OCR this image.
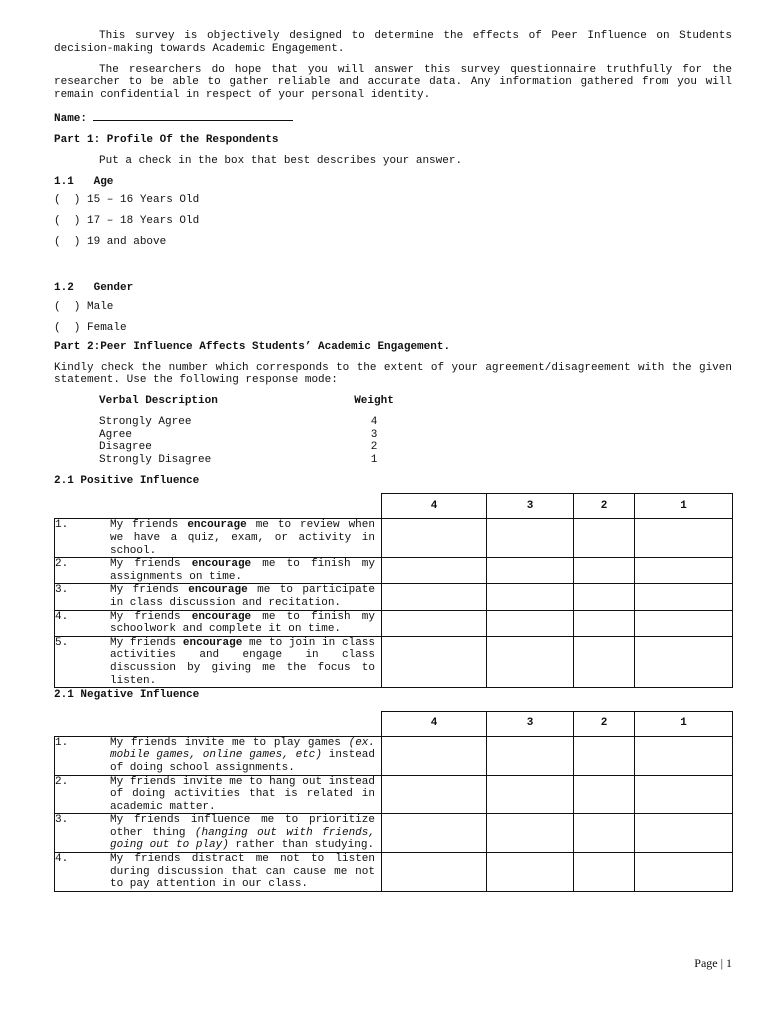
This survey is objectively designed to determine the effects of Peer Influence on Students decision-making towards Academic Engagement.

The researchers do hope that you will answer this survey questionnaire truthfully for the researcher to be able to gather reliable and accurate data. Any information gathered from you will remain confidential in respect of your personal identity.

Name:

Part 1: Profile Of the Respondents

Put a check in the box that best describes your answer.

1.1   Age

(  ) 15 – 16 Years Old

(  ) 17 – 18 Years Old

(  ) 19 and above

1.2   Gender

(  ) Male

(  ) Female

Part 2:Peer Influence Affects Students’ Academic Engagement.

Kindly check the number which corresponds to the extent of your agreement/disagreement with the given statement. Use the following response mode:

Verbal Description	Weight
Strongly Agree	4
Agree	3
Disagree	2
Strongly Disagree	1

2.1 Positive Influence

	4	3	2	1

1. My friends encourage me to review when we have a quiz, exam, or activity in school.				

2. My friends encourage me to finish my assignments on time.				

3. My friends encourage me to participate in class discussion and recitation.				

4. My friends encourage me to finish my schoolwork and complete it on time.				

5. My friends encourage me to join in class activities and engage in class discussion by giving me the focus to listen.				

2.1 Negative Influence

	4	3	2	1

1. My friends invite me to play games (ex. mobile games, online games, etc) instead of doing school assignments.				

2. My friends invite me to hang out instead of doing activities that is related in academic matter.				

3. My friends influence me to prioritize other thing (hanging out with friends, going out to play) rather than studying.				

4. My friends distract me not to listen during discussion that can cause me not to pay attention in our class.				

Page | 1
